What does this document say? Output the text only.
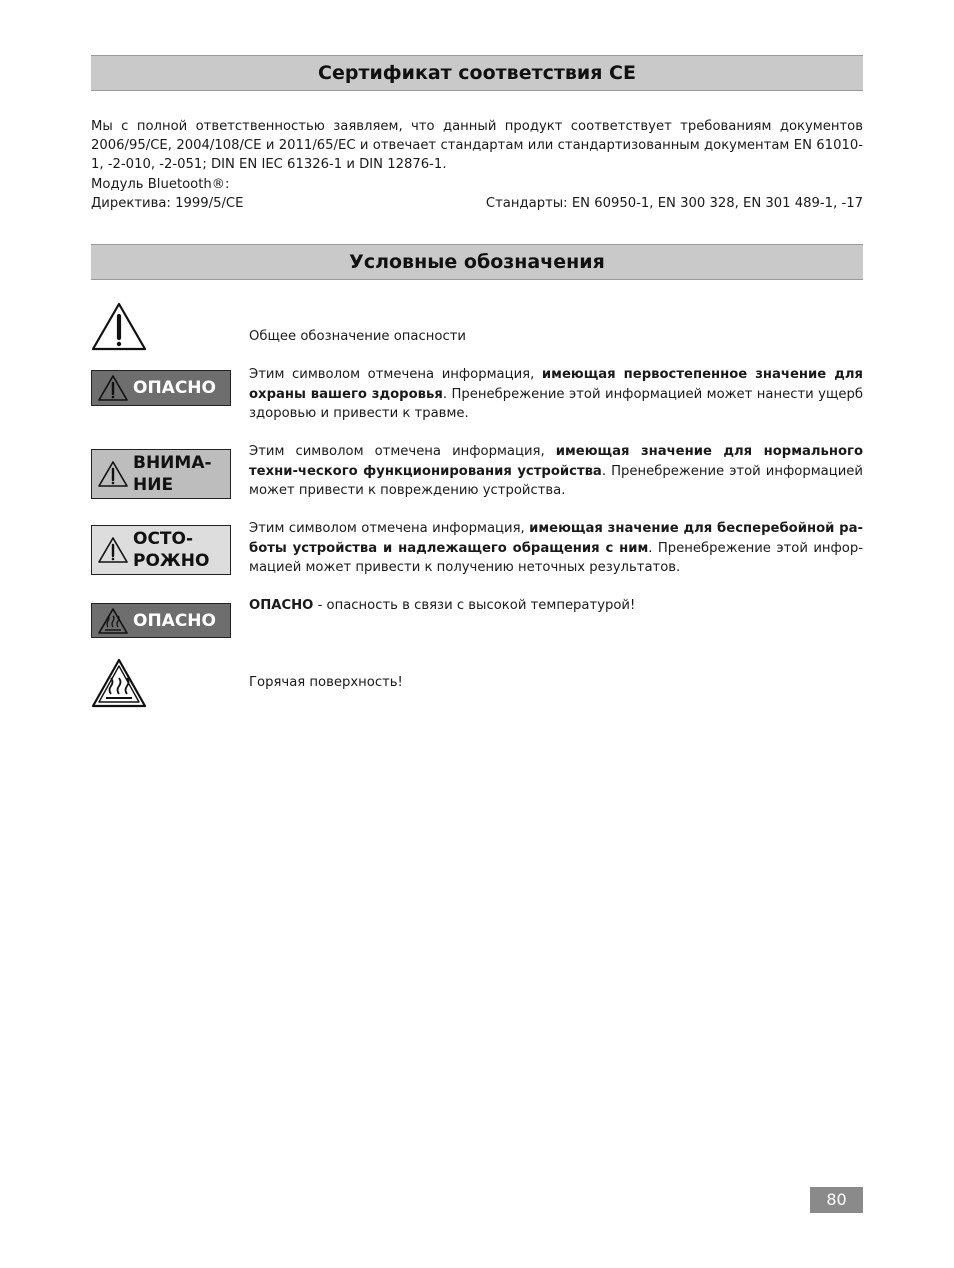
Сертификат соответствия CE
Мы с полной ответственностью заявляем, что данный продукт соответствует требованиям документов 2006/95/CE, 2004/108/CE и 2011/65/EC и отвечает стандартам или стандартизованным документам EN 61010-1, -2-010, -2-051; DIN EN IEC 61326-1 и DIN 12876-1.
Модуль Bluetooth®:
Директива: 1999/5/CE	Стандарты: EN 60950-1, EN 300 328, EN 301 489-1, -17
Условные обозначения
Общее обозначение опасности
ОПАСНО
Этим символом отмечена информация, имеющая первостепенное значение для охраны вашего здоровья. Пренебрежение этой информацией может нанести ущерб здоровью и привести к травме.
ВНИМА-
НИЕ
Этим символом отмечена информация, имеющая значение для нормального техни-ческого функционирования устройства. Пренебрежение этой информацией может привести к повреждению устройства.
ОСТО-
РОЖНО
Этим символом отмечена информация, имеющая значение для бесперебойной ра-боты устройства и надлежащего обращения с ним. Пренебрежение этой инфор-мацией может привести к получению неточных результатов.
ОПАСНО
ОПАСНО - опасность в связи с высокой температурой!
Горячая поверхность!
80
